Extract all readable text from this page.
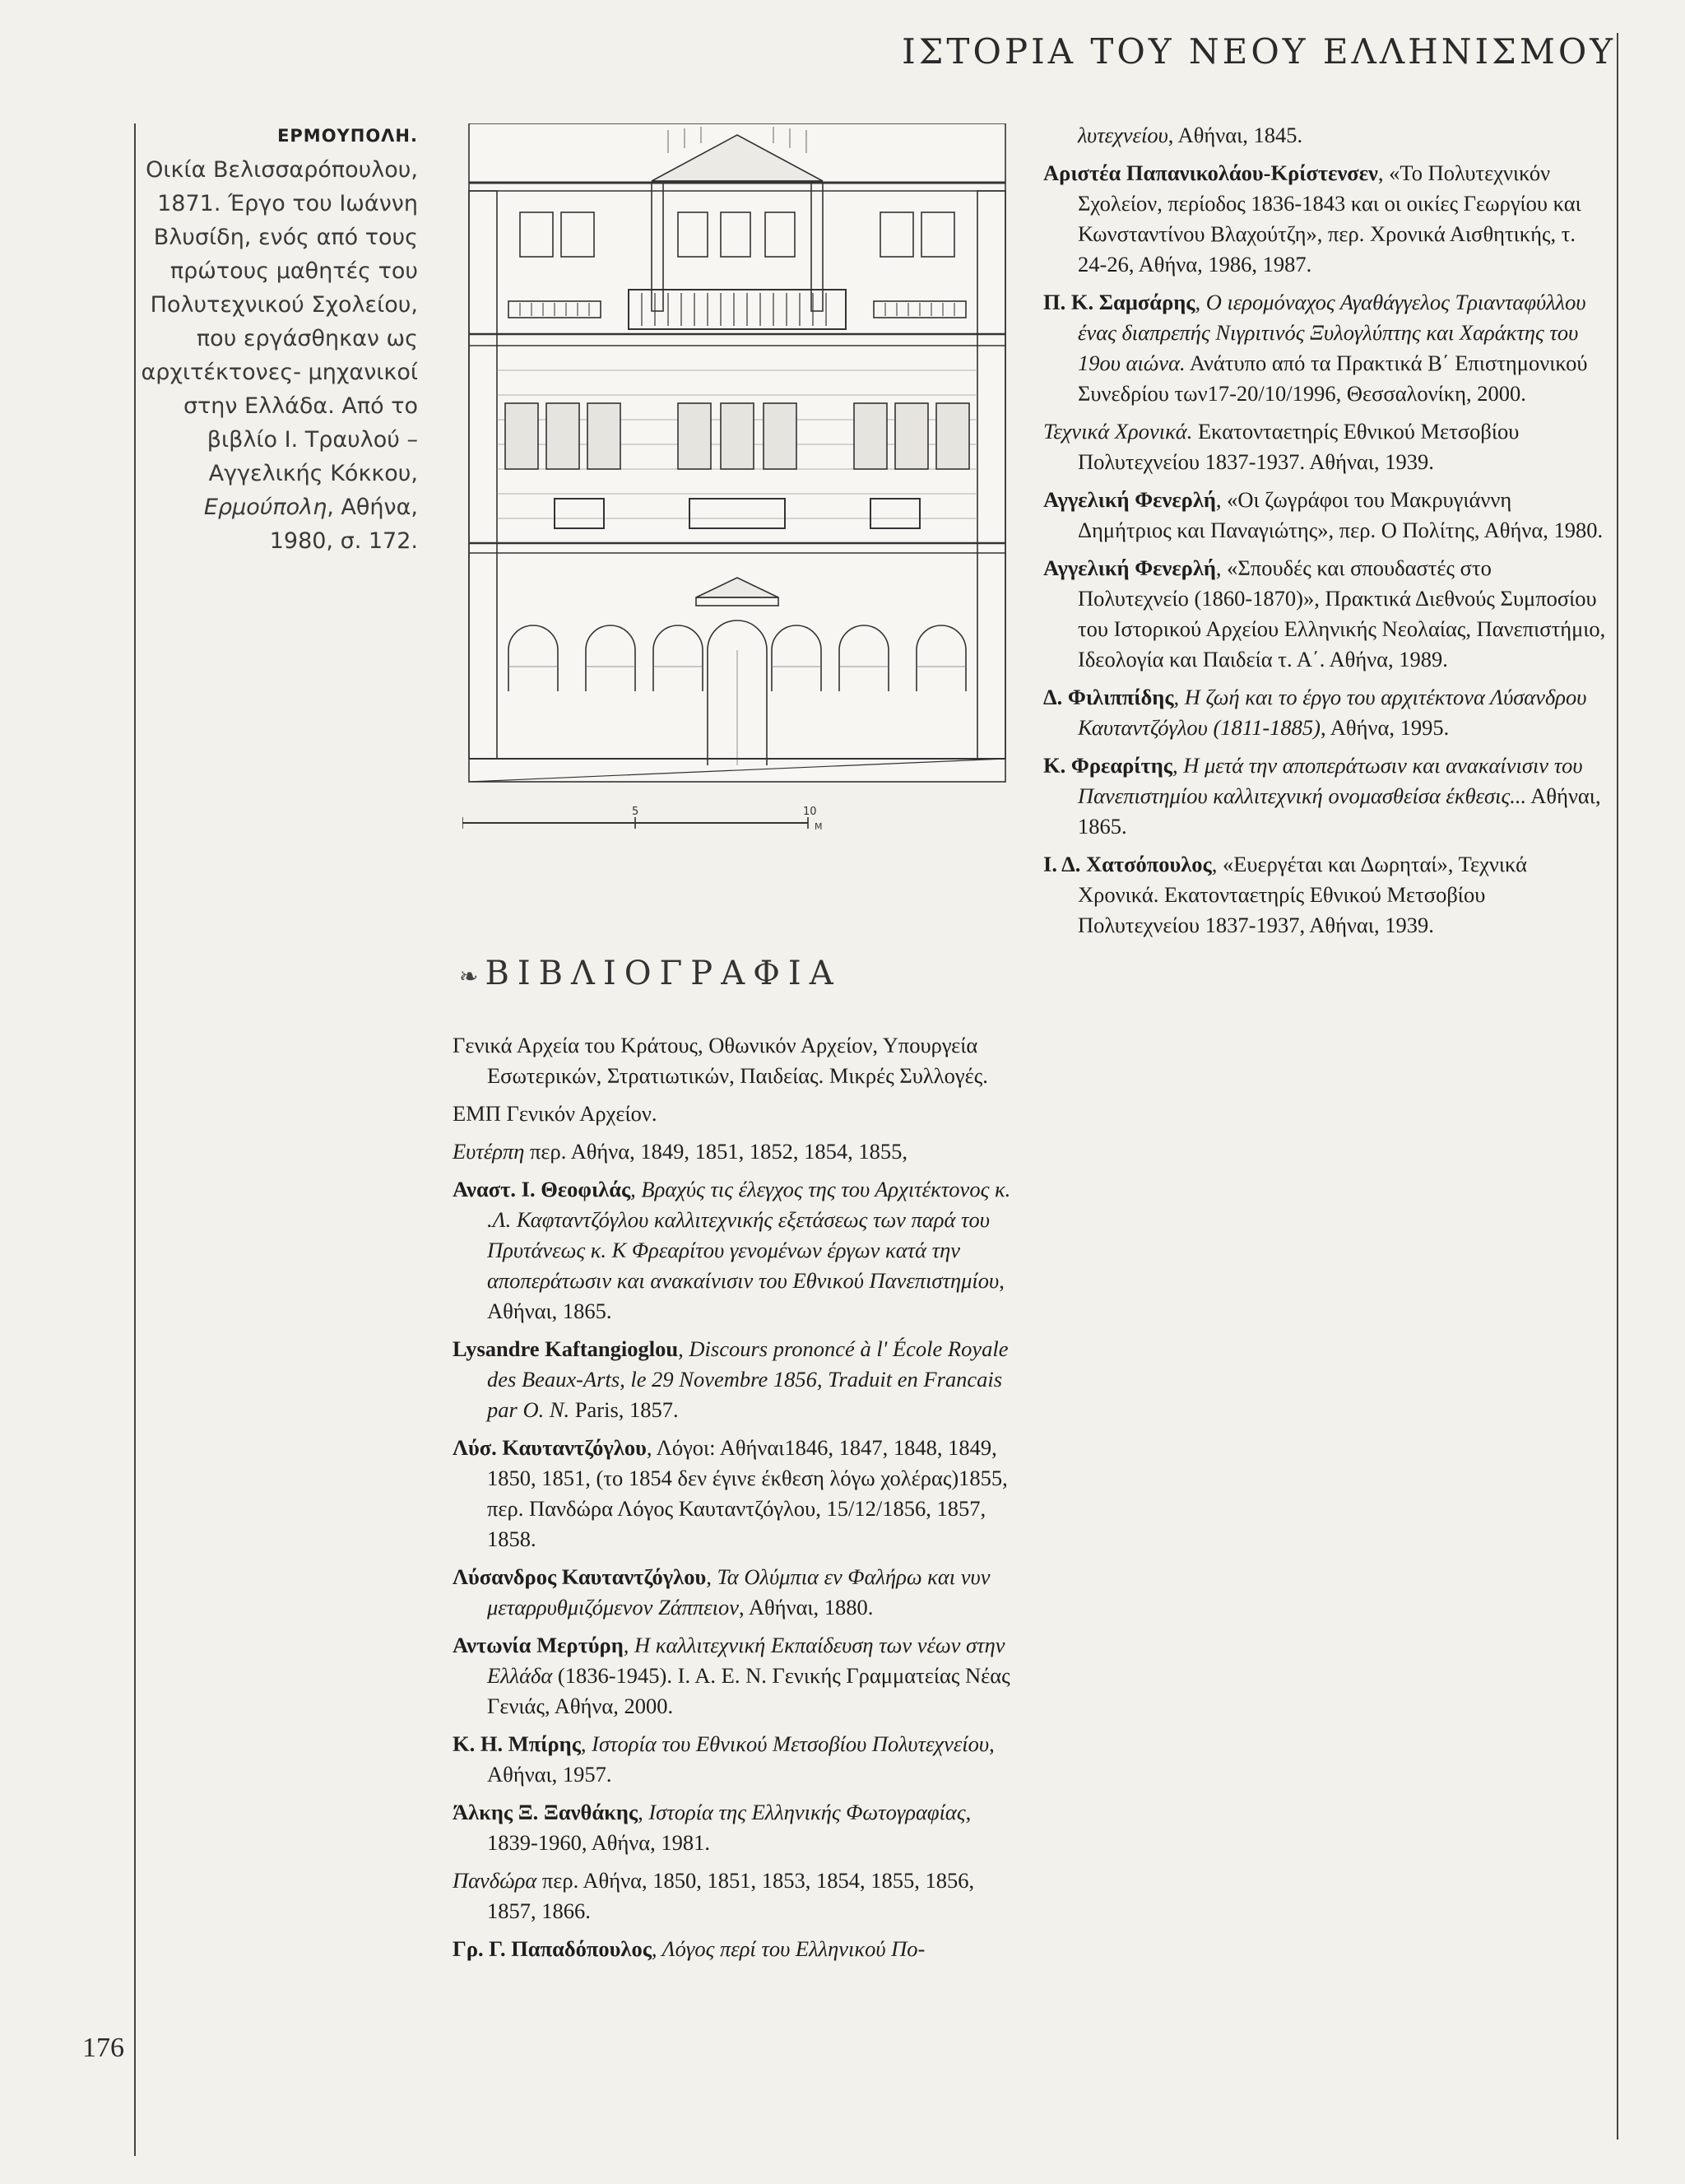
ΙΣΤΟΡΙΑ ΤΟΥ ΝΕΟΥ ΕΛΛΗΝΙΣΜΟΥ
ΕΡΜΟΥΠΟΛΗ.
Οικία Βελισσαρόπουλου, 1871. Έργο του Ιωάννη Βλυσίδη, ενός από τους πρώτους μαθητές του Πολυτεχνικού Σχολείου, που εργάσθηκαν ως αρχιτέκτονες- μηχανικοί στην Ελλάδα. Από το βιβλίο Ι. Τραυλού – Αγγελικής Κόκκου, Ερμούπολη, Αθήνα, 1980, σ. 172.
5	10
M
❧ ΒΙΒΛΙΟΓΡΑΦΙΑ

Γενικά Αρχεία του Κράτους, Οθωνικόν Αρχείον, Υπουργεία Εσωτερικών, Στρατιωτικών, Παιδείας. Μικρές Συλλογές.

ΕΜΠ Γενικόν Αρχείον.

Ευτέρπη περ. Αθήνα, 1849, 1851, 1852, 1854, 1855,

Αναστ. Ι. Θεοφιλάς, Βραχύς τις έλεγχος της του Αρχιτέκτονος κ. .Λ. Καφταντζόγλου καλλιτεχνικής εξετάσεως των παρά του Πρυτάνεως κ. Κ Φρεαρίτου γενομένων έργων κατά την αποπεράτωσιν και ανακαίνισιν του Εθνικού Πανεπιστημίου, Αθήναι, 1865.

Lysandre Kaftangioglou, Discours prononcé à l' École Royale des Beaux-Arts, le 29 Novembre 1856, Traduit en Francais par O. N. Paris, 1857.

Λύσ. Καυταντζόγλου, Λόγοι: Αθήναι1846, 1847, 1848, 1849, 1850, 1851, (το 1854 δεν έγινε έκθεση λόγω χολέρας)1855, περ. Πανδώρα Λόγος Καυταντζόγλου, 15/12/1856, 1857, 1858.

Λύσανδρος Καυταντζόγλου, Τα Ολύμπια εν Φαλήρω και νυν μεταρρυθμιζόμενον Ζάππειον, Αθήναι, 1880.

Αντωνία Μερτύρη, Η καλλιτεχνική Εκπαίδευση των νέων στην Ελλάδα (1836-1945). Ι. Α. Ε. Ν. Γενικής Γραμματείας Νέας Γενιάς, Αθήνα, 2000.

Κ. Η. Μπίρης, Ιστορία του Εθνικού Μετσοβίου Πολυτεχνείου, Αθήναι, 1957.

Άλκης Ξ. Ξανθάκης, Ιστορία της Ελληνικής Φωτογραφίας, 1839-1960, Αθήνα, 1981.

Πανδώρα περ. Αθήνα, 1850, 1851, 1853, 1854, 1855, 1856, 1857, 1866.

Γρ. Γ. Παπαδόπουλος, Λόγος περί του Ελληνικού Πο-

λυτεχνείου, Αθήναι, 1845.

Αριστέα Παπανικολάου-Κρίστενσεν, «Το Πολυτεχνικόν Σχολείον, περίοδος 1836-1843 και οι οικίες Γεωργίου και Κωνσταντίνου Βλαχούτζη», περ. Χρονικά Αισθητικής, τ. 24-26, Αθήνα, 1986, 1987.

Π. Κ. Σαμσάρης, Ο ιερομόναχος Αγαθάγγελος Τριανταφύλλου ένας διαπρεπής Νιγριτινός Ξυλογλύπτης και Χαράκτης του 19ου αιώνα. Ανάτυπο από τα Πρακτικά Β΄ Επιστημονικού Συνεδρίου των17-20/10/1996, Θεσσαλονίκη, 2000.

Τεχνικά Χρονικά. Εκατονταετηρίς Εθνικού Μετσοβίου Πολυτεχνείου 1837-1937. Αθήναι, 1939.

Αγγελική Φενερλή, «Οι ζωγράφοι του Μακρυγιάννη Δημήτριος και Παναγιώτης», περ. Ο Πολίτης, Αθήνα, 1980.

Αγγελική Φενερλή, «Σπουδές και σπουδαστές στο Πολυτεχνείο (1860-1870)», Πρακτικά Διεθνούς Συμποσίου του Ιστορικού Αρχείου Ελληνικής Νεολαίας, Πανεπιστήμιο, Ιδεολογία και Παιδεία τ. Α΄. Αθήνα, 1989.

Δ. Φιλιππίδης, Η ζωή και το έργο του αρχιτέκτονα Λύσανδρου Καυταντζόγλου (1811-1885), Αθήνα, 1995.

Κ. Φρεαρίτης, Η μετά την αποπεράτωσιν και ανακαίνισιν του Πανεπιστημίου καλλιτεχνική ονομασθείσα έκθεσις... Αθήναι, 1865.

Ι. Δ. Χατσόπουλος, «Ευεργέται και Δωρηταί», Τεχνικά Χρονικά. Εκατονταετηρίς Εθνικού Μετσοβίου Πολυτεχνείου 1837-1937, Αθήναι, 1939.

176
